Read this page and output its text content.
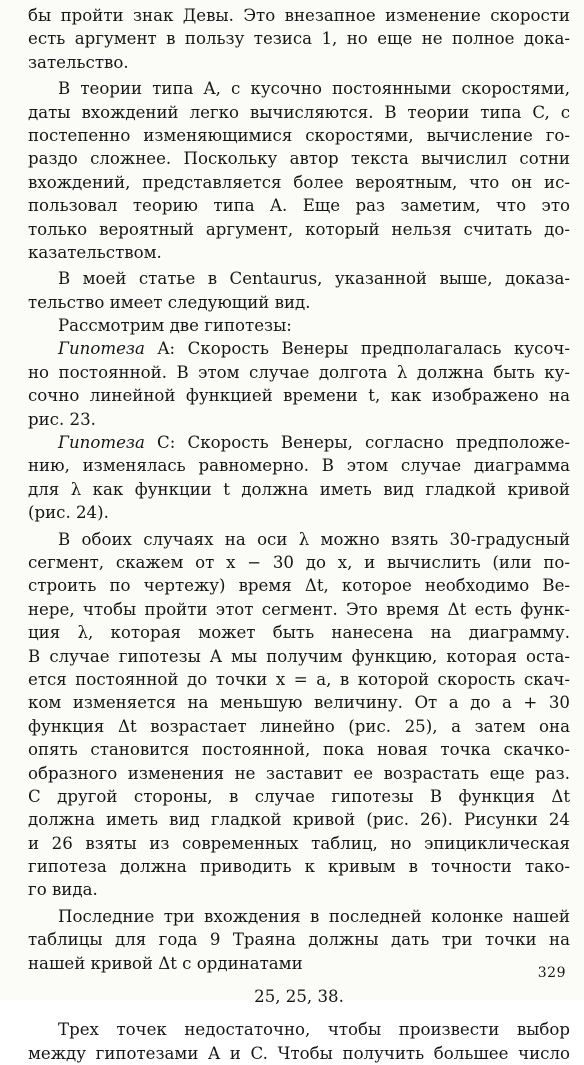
бы пройти знак Девы. Это внезапное изменение скорости
есть аргумент в пользу тезиса 1, но еще не полное дока-
зательство.
В теории типа A, с кусочно постоянными скоростями,
даты вхождений легко вычисляются. В теории типа C, с
постепенно изменяющимися скоростями, вычисление го-
раздо сложнее. Поскольку автор текста вычислил сотни
вхождений, представляется более вероятным, что он ис-
пользовал теорию типа A. Еще раз заметим, что это
только вероятный аргумент, который нельзя считать до-
казательством.
В моей статье в Centaurus, указанной выше, доказа-
тельство имеет следующий вид.
Рассмотрим две гипотезы:
Гипотеза A: Скорость Венеры предполагалась кусоч-
но постоянной. В этом случае долгота λ должна быть ку-
сочно линейной функцией времени t, как изображено на
рис. 23.
Гипотеза C: Скорость Венеры, согласно предположе-
нию, изменялась равномерно. В этом случае диаграмма
для λ как функции t должна иметь вид гладкой кривой
(рис. 24).
В обоих случаях на оси λ можно взять 30-градусный
сегмент, скажем от x − 30 до x, и вычислить (или по-
строить по чертежу) время Δt, которое необходимо Ве-
нере, чтобы пройти этот сегмент. Это время Δt есть функ-
ция λ, которая может быть нанесена на диаграмму.
В случае гипотезы A мы получим функцию, которая оста-
ется постоянной до точки x = a, в которой скорость скач-
ком изменяется на меньшую величину. От a до a + 30
функция Δt возрастает линейно (рис. 25), а затем она
опять становится постоянной, пока новая точка скачко-
образного изменения не заставит ее возрастать еще раз.
С другой стороны, в случае гипотезы B функция Δt
должна иметь вид гладкой кривой (рис. 26). Рисунки 24
и 26 взяты из современных таблиц, но эпициклическая
гипотеза должна приводить к кривым в точности тако-
го вида.
Последние три вхождения в последней колонке нашей
таблицы для года 9 Траяна должны дать три точки на
нашей кривой Δt с ординатами
25, 25, 38.
Трех точек недостаточно, чтобы произвести выбор
между гипотезами A и C. Чтобы получить большее число
329
